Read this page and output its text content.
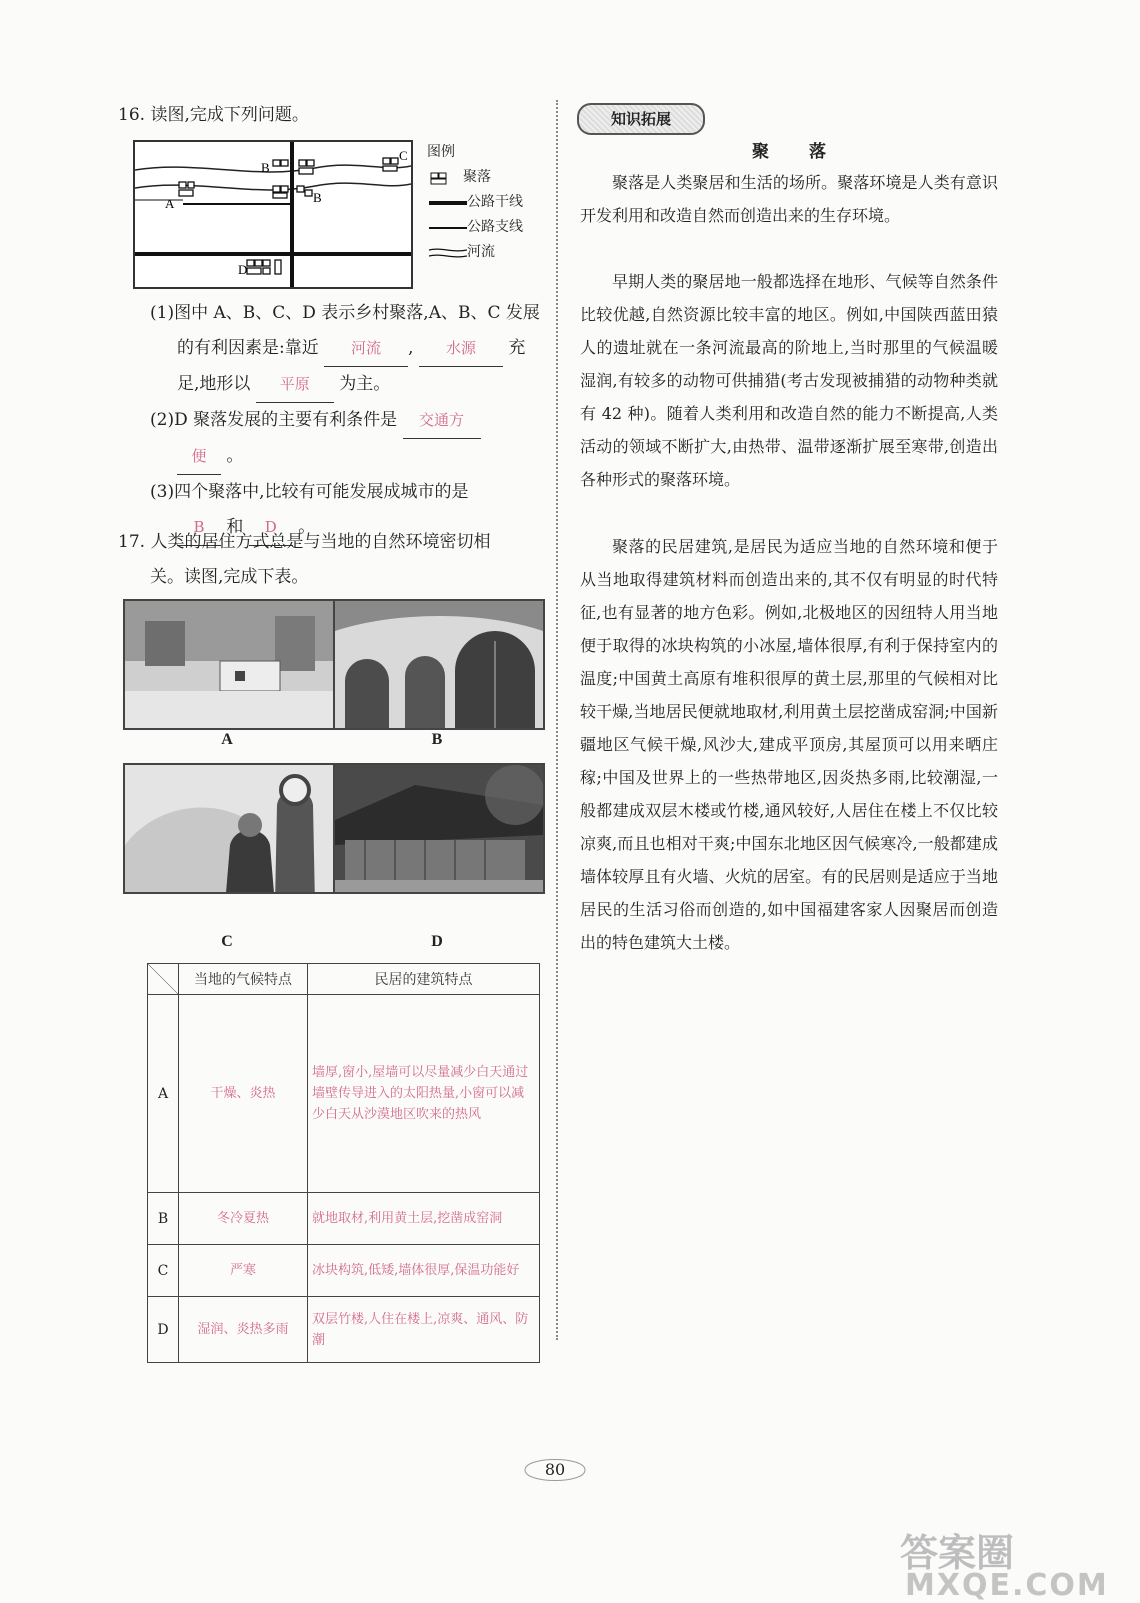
16. 读图,完成下列问题。
A
B
B
C
D
图例
聚落
公路干线
公路支线
河流
(1)图中 A、B、C、D 表示乡村聚落,A、B、C 发展
的有利因素是:靠近 河流 , 水源 充
足,地形以 平原 为主。
(2)D 聚落发展的主要有利条件是 交通方
便 。
(3)四个聚落中,比较有可能发展成城市的是
B 和 D 。
17. 人类的居住方式总是与当地的自然环境密切相
关。读图,完成下表。
A	B
C	D
	当地的气候特点	民居的建筑特点
A	干燥、炎热	墙厚,窗小,屋墙可以尽量减少白天通过墙壁传导进入的太阳热量,小窗可以减少白天从沙漠地区吹来的热风
B	冬冷夏热	就地取材,利用黄土层,挖凿成窑洞
C	严寒	冰块构筑,低矮,墙体很厚,保温功能好
D	湿润、炎热多雨	双层竹楼,人住在楼上,凉爽、通风、防潮
知识拓展
聚落
聚落是人类聚居和生活的场所。聚落环境是人类有意识开发利用和改造自然而创造出来的生存环境。
早期人类的聚居地一般都选择在地形、气候等自然条件比较优越,自然资源比较丰富的地区。例如,中国陕西蓝田猿人的遗址就在一条河流最高的阶地上,当时那里的气候温暖湿润,有较多的动物可供捕猎(考古发现被捕猎的动物种类就有 42 种)。随着人类利用和改造自然的能力不断提高,人类活动的领域不断扩大,由热带、温带逐渐扩展至寒带,创造出各种形式的聚落环境。
聚落的民居建筑,是居民为适应当地的自然环境和便于从当地取得建筑材料而创造出来的,其不仅有明显的时代特征,也有显著的地方色彩。例如,北极地区的因纽特人用当地便于取得的冰块构筑的小冰屋,墙体很厚,有利于保持室内的温度;中国黄土高原有堆积很厚的黄土层,那里的气候相对比较干燥,当地居民便就地取材,利用黄土层挖凿成窑洞;中国新疆地区气候干燥,风沙大,建成平顶房,其屋顶可以用来晒庄稼;中国及世界上的一些热带地区,因炎热多雨,比较潮湿,一般都建成双层木楼或竹楼,通风较好,人居住在楼上不仅比较凉爽,而且也相对干爽;中国东北地区因气候寒冷,一般都建成墙体较厚且有火墙、火炕的居室。有的民居则是适应于当地居民的生活习俗而创造的,如中国福建客家人因聚居而创造出的特色建筑大土楼。
80
答案圈
MXQE.COM
